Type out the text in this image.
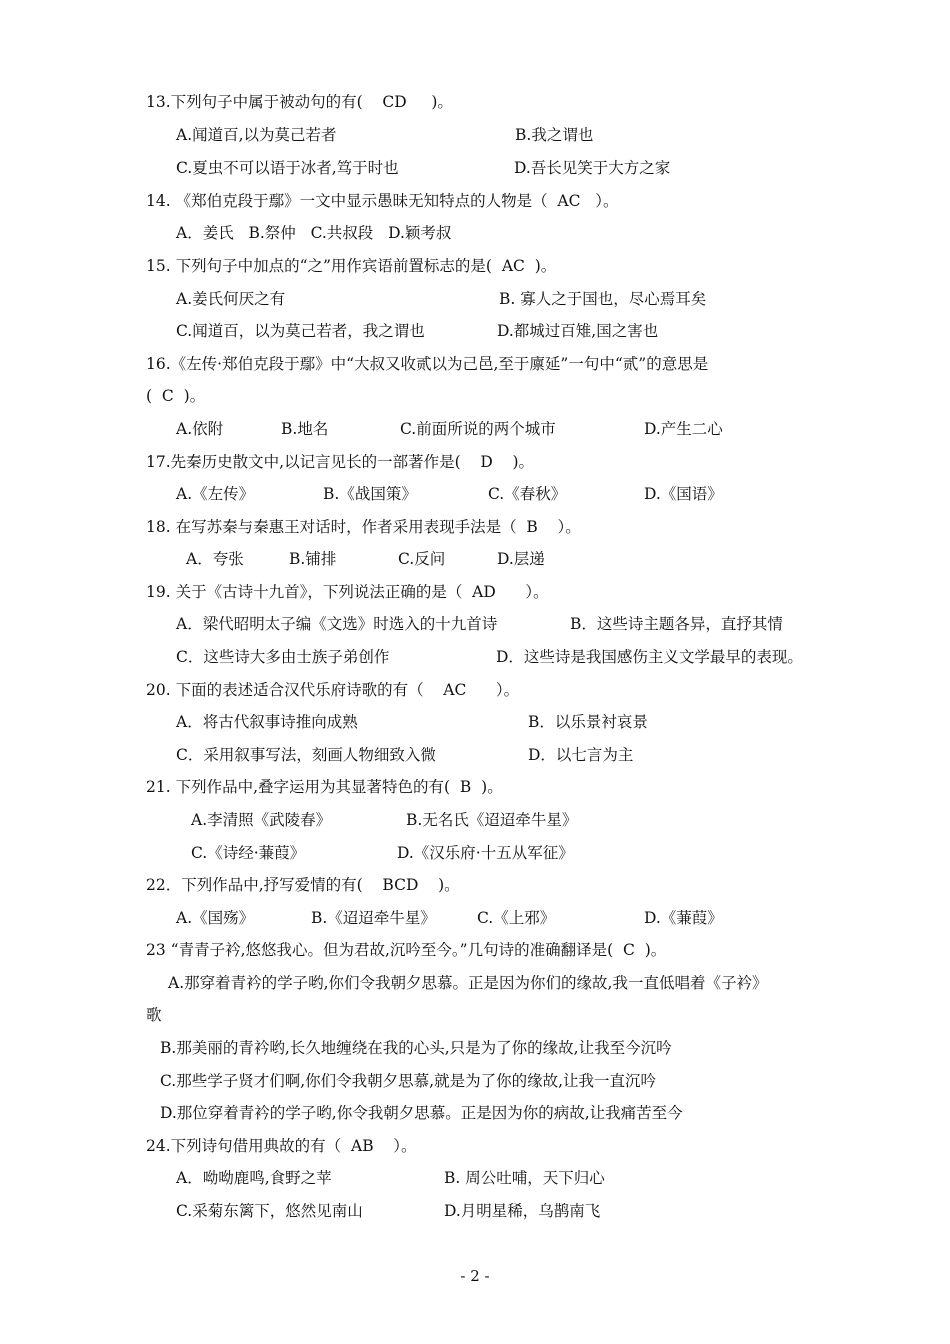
13.下列句子中属于被动句的有(    CD     )。
A.闻道百,以为莫己若者	B.我之谓也
C.夏虫不可以语于冰者,笃于时也	D.吾长见笑于大方之家
14. 《郑伯克段于鄢》一文中显示愚昧无知特点的人物是（  AC   ）。
A．姜氏   B.祭仲   C.共叔段   D.颖考叔
15. 下列句子中加点的“之”用作宾语前置标志的是(  AC  )。
A.姜氏何厌之有	B. 寡人之于国也，尽心焉耳矣
C.闻道百，以为莫己若者，我之谓也	D.都城过百雉,国之害也
16.《左传·郑伯克段于鄢》中“大叔又收贰以为己邑,至于廪延”一句中“贰”的意思是
(  C  )。
A.依附	B.地名	C.前面所说的两个城市	D.产生二心
17.先秦历史散文中,以记言见长的一部著作是(    D    )。
A.《左传》	B.《战国策》	C.《春秋》	D.《国语》
18. 在写苏秦与秦惠王对话时，作者采用表现手法是（  B    ）。
A．夸张	B.铺排	C.反问	D.层递
19. 关于《古诗十九首》，下列说法正确的是（  AD      ）。
A．梁代昭明太子编《文选》时选入的十九首诗	B．这些诗主题各异，直抒其情
C．这些诗大多由士族子弟创作	D．这些诗是我国感伤主义文学最早的表现。
20. 下面的表述适合汉代乐府诗歌的有（    AC      ）。
A．将古代叙事诗推向成熟	B．以乐景衬哀景
C．采用叙事写法，刻画人物细致入微	D．以七言为主
21. 下列作品中,叠字运用为其显著特色的有(  B  )。
A.李清照《武陵春》	B.无名氏《迢迢牵牛星》
C.《诗经·蒹葭》	D.《汉乐府·十五从军征》
22．下列作品中,抒写爱情的有(    BCD    )。
A.《国殇》	B.《迢迢牵牛星》	C.《上邪》	D.《蒹葭》
23 “青青子衿,悠悠我心。但为君故,沉吟至今。”几句诗的准确翻译是(  C  )。
A.那穿着青衿的学子哟,你们令我朝夕思慕。正是因为你们的缘故,我一直低唱着《子衿》
歌
B.那美丽的青衿哟,长久地缠绕在我的心头,只是为了你的缘故,让我至今沉吟
C.那些学子贤才们啊,你们令我朝夕思慕,就是为了你的缘故,让我一直沉吟
D.那位穿着青衿的学子哟,你令我朝夕思慕。正是因为你的病故,让我痛苦至今
24.下列诗句借用典故的有（  AB    ）。
A．呦呦鹿鸣,食野之苹	B. 周公吐哺，天下归心
C.采菊东篱下，悠然见南山	D.月明星稀，乌鹊南飞
- 2 -
